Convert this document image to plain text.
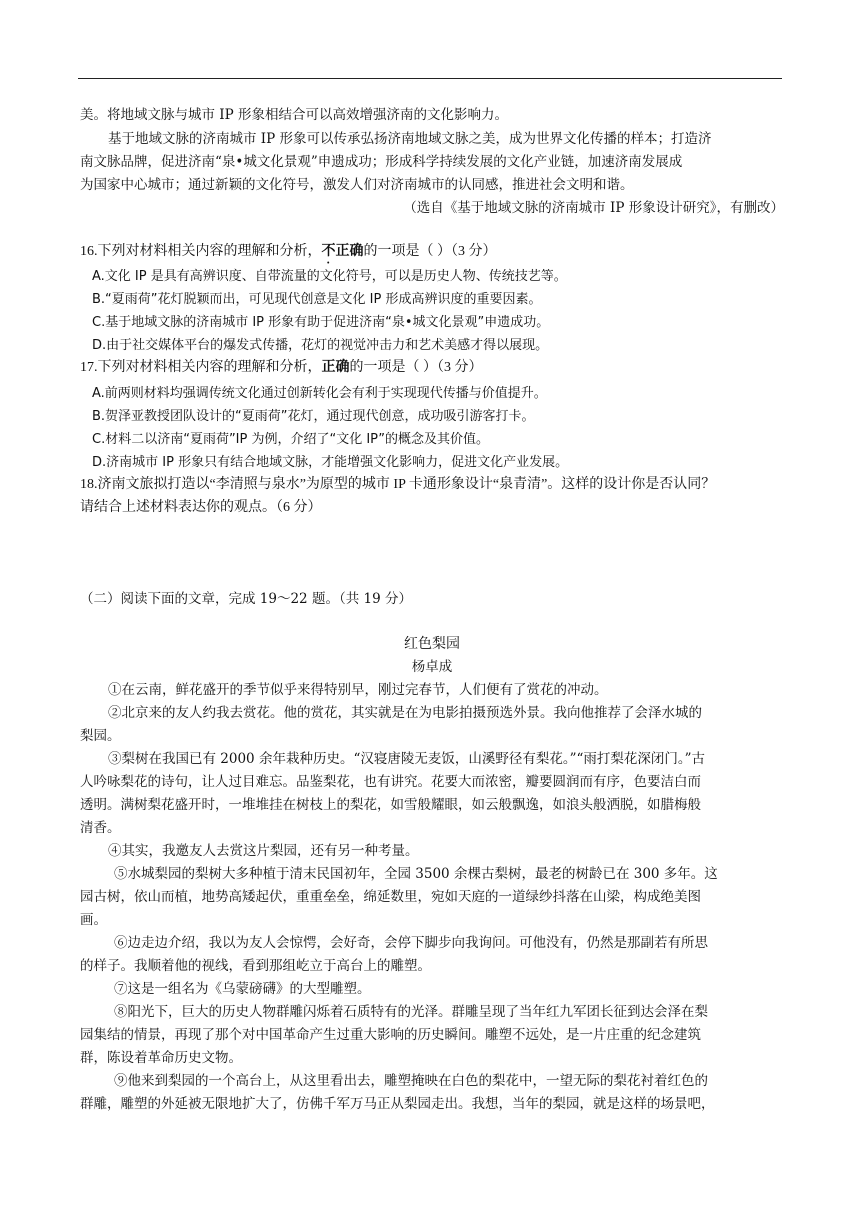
美。将地域文脉与城市 IP 形象相结合可以高效增强济南的文化影响力。
基于地域文脉的济南城市 IP 形象可以传承弘扬济南地域文脉之美，成为世界文化传播的样本；打造济
南文脉品牌，促进济南“泉•城文化景观”申遗成功；形成科学持续发展的文化产业链，加速济南发展成
为国家中心城市；通过新颖的文化符号，激发人们对济南城市的认同感，推进社会文明和谐。
（选自《基于地域文脉的济南城市 IP 形象设计研究》，有删改）
16.下列对材料相关内容的理解和分析，不正确的一项是（ ）（3 分）
A.文化 IP 是具有高辨识度、自带流量的文化符号，可以是历史人物、传统技艺等。
B.“夏雨荷”花灯脱颖而出，可见现代创意是文化 IP 形成高辨识度的重要因素。
C.基于地域文脉的济南城市 IP 形象有助于促进济南“泉•城文化景观”申遗成功。
D.由于社交媒体平台的爆发式传播，花灯的视觉冲击力和艺术美感才得以展现。
17.下列对材料相关内容的理解和分析，正确的一项是（ ）（3 分）
A.前两则材料均强调传统文化通过创新转化会有利于实现现代传播与价值提升。
B.贺泽亚教授团队设计的“夏雨荷”花灯，通过现代创意，成功吸引游客打卡。
C.材料二以济南“夏雨荷”IP 为例，介绍了“文化 IP”的概念及其价值。
D.济南城市 IP 形象只有结合地域文脉，才能增强文化影响力，促进文化产业发展。
18.济南文旅拟打造以“李清照与泉水”为原型的城市 IP 卡通形象设计“泉青清”。这样的设计你是否认同？
请结合上述材料表达你的观点。（6 分）
（二）阅读下面的文章，完成 19～22 题。（共 19 分）
红色梨园
杨卓成
①在云南，鲜花盛开的季节似乎来得特别早，刚过完春节，人们便有了赏花的冲动。
②北京来的友人约我去赏花。他的赏花，其实就是在为电影拍摄预选外景。我向他推荐了会泽水城的
梨园。
③梨树在我国已有 2000 余年栽种历史。“汉寝唐陵无麦饭，山溪野径有梨花。”“雨打梨花深闭门。”古
人吟咏梨花的诗句，让人过目难忘。品鉴梨花，也有讲究。花要大而浓密，瓣要圆润而有序，色要洁白而
透明。满树梨花盛开时，一堆堆挂在树枝上的梨花，如雪般耀眼，如云般飘逸，如浪头般洒脱，如腊梅般
清香。
④其实，我邀友人去赏这片梨园，还有另一种考量。
⑤水城梨园的梨树大多种植于清末民国初年，全园 3500 余棵古梨树，最老的树龄已在 300 多年。这
园古树，依山而植，地势高矮起伏，重重垒垒，绵延数里，宛如天庭的一道绿纱抖落在山梁，构成绝美图
画。
⑥边走边介绍，我以为友人会惊愕，会好奇，会停下脚步向我询问。可他没有，仍然是那副若有所思
的样子。我顺着他的视线，看到那组屹立于高台上的雕塑。
⑦这是一组名为《乌蒙磅礴》的大型雕塑。
⑧阳光下，巨大的历史人物群雕闪烁着石质特有的光泽。群雕呈现了当年红九军团长征到达会泽在梨
园集结的情景，再现了那个对中国革命产生过重大影响的历史瞬间。雕塑不远处，是一片庄重的纪念建筑
群，陈设着革命历史文物。
⑨他来到梨园的一个高台上，从这里看出去，雕塑掩映在白色的梨花中，一望无际的梨花衬着红色的
群雕，雕塑的外延被无限地扩大了，仿佛千军万马正从梨园走出。我想，当年的梨园，就是这样的场景吧，
